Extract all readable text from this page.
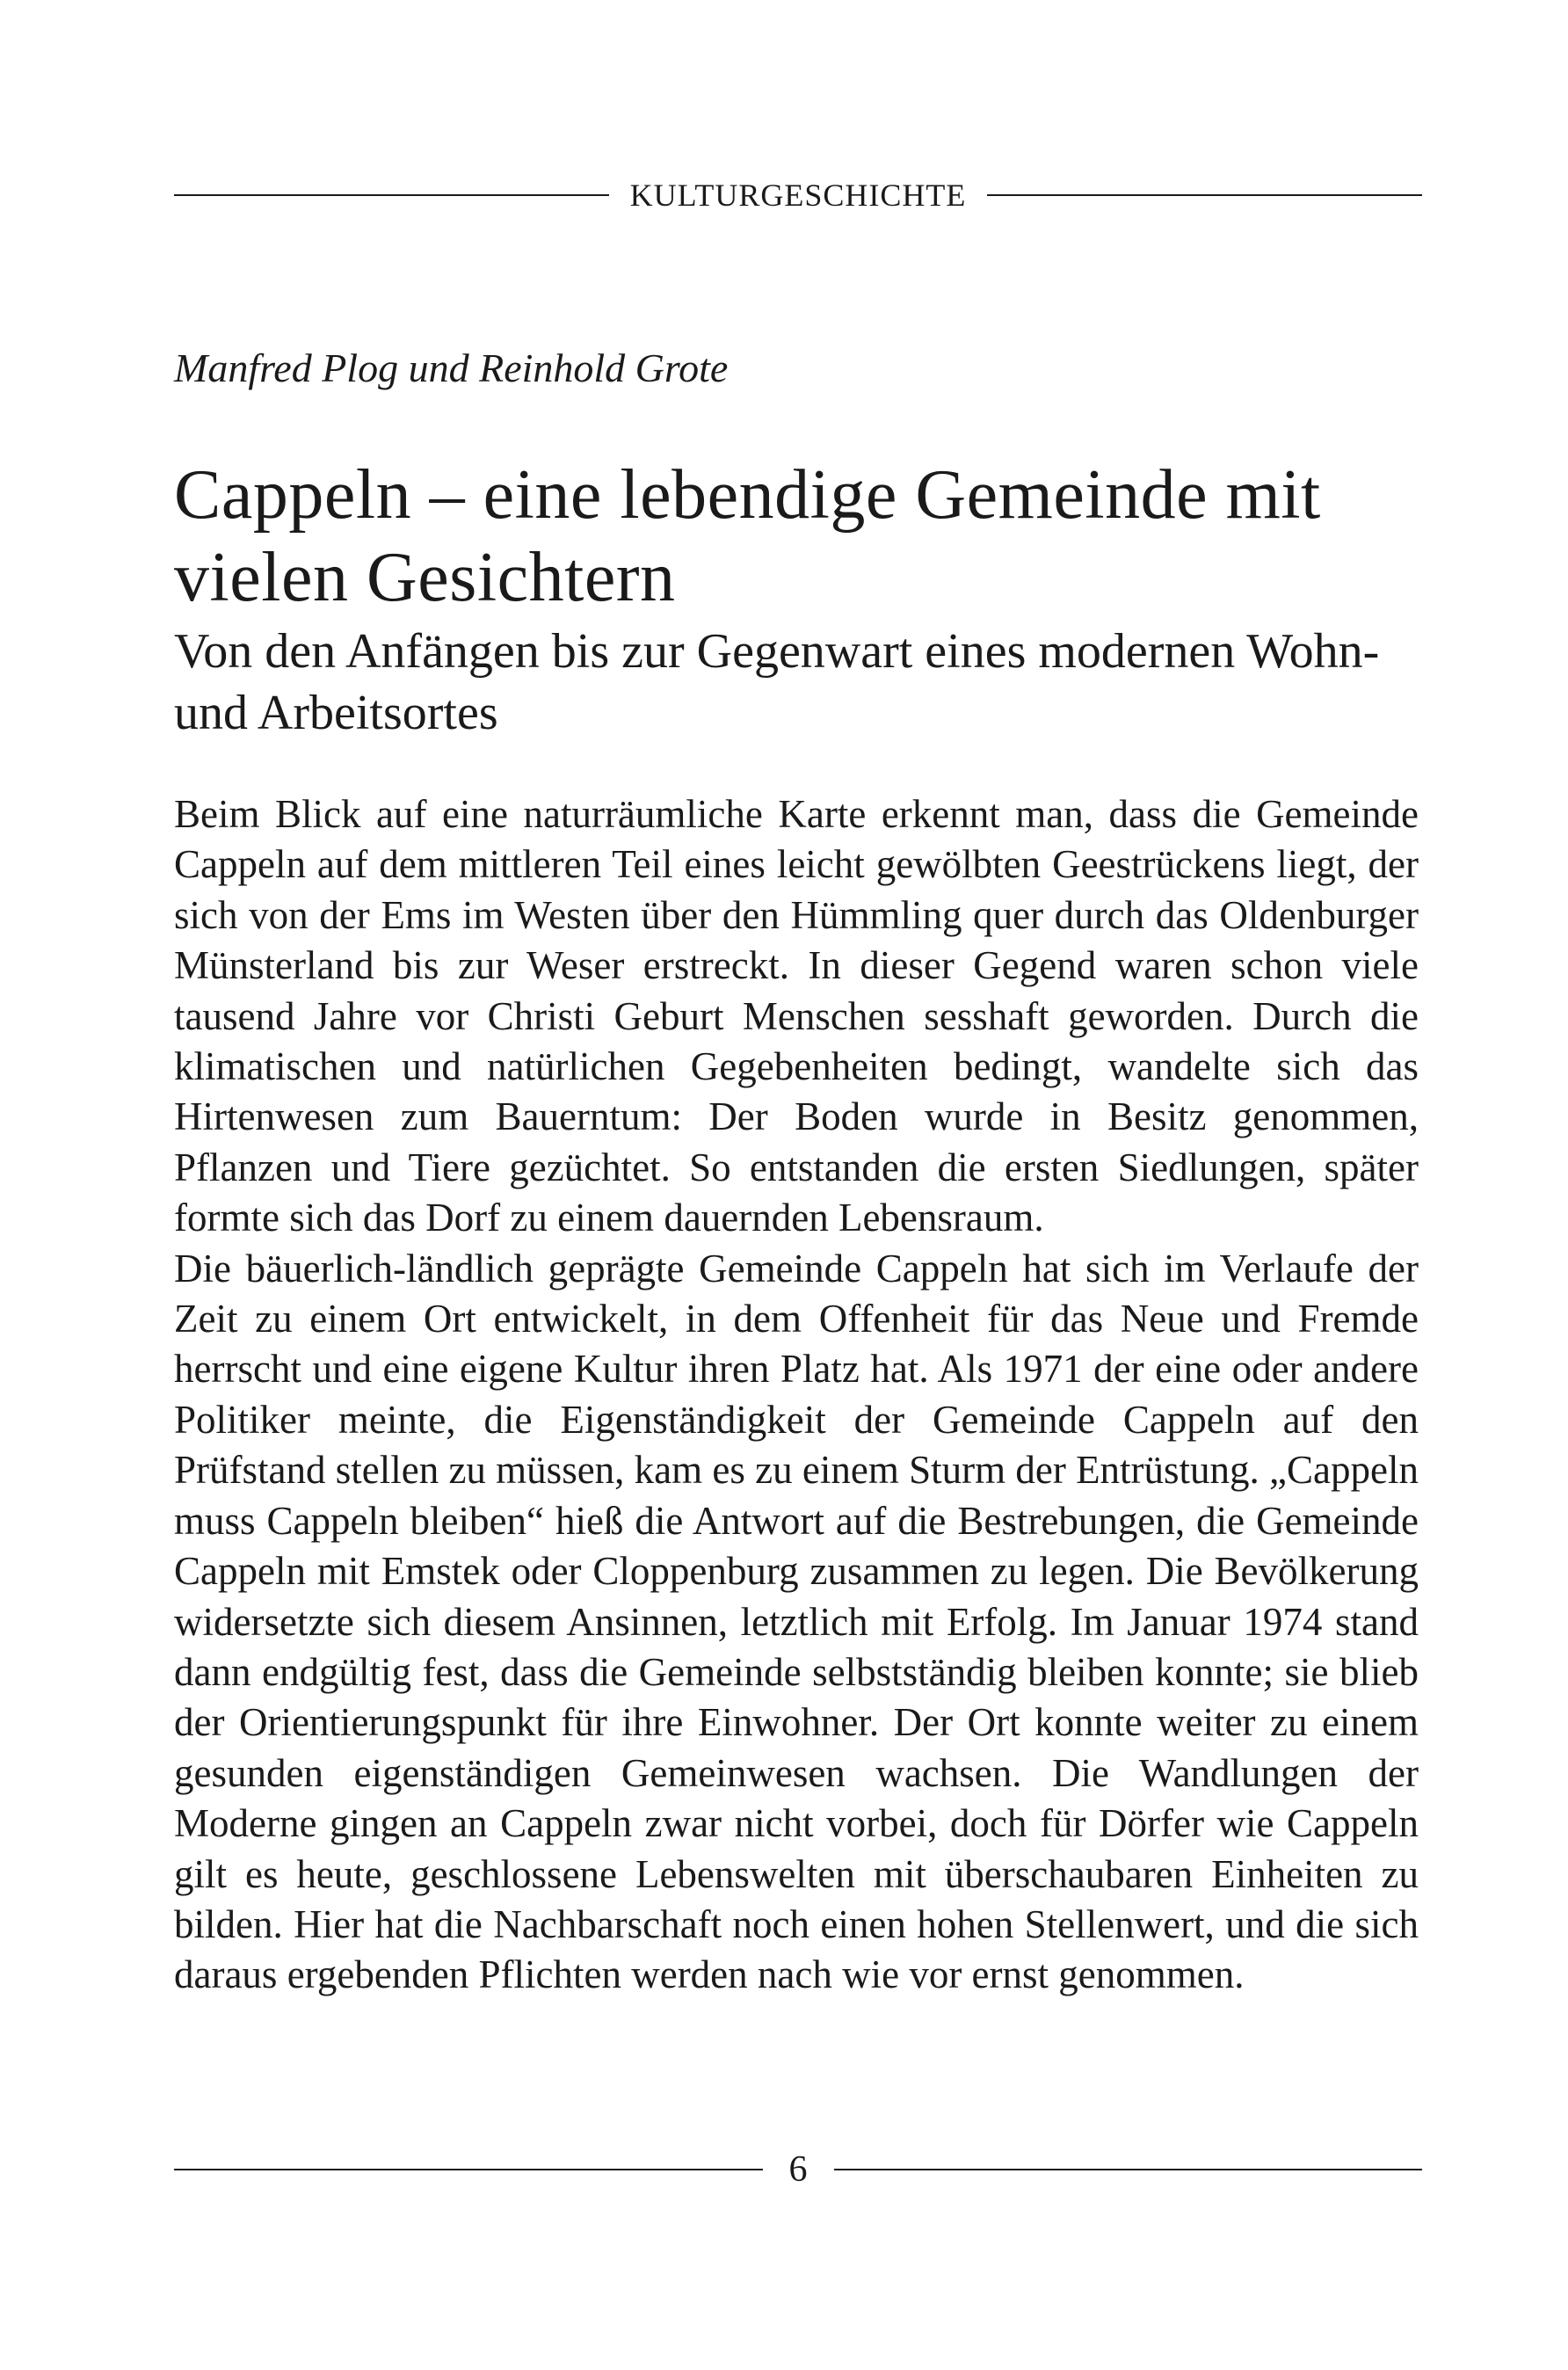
KULTURGESCHICHTE
Manfred Plog und Reinhold Grote
Cappeln – eine lebendige Gemeinde mit vielen Gesichtern
Von den Anfängen bis zur Gegenwart eines modernen Wohn- und Arbeitsortes

Beim Blick auf eine naturräumliche Karte erkennt man, dass die Gemeinde Cappeln auf dem mittleren Teil eines leicht gewölbten Geestrückens liegt, der sich von der Ems im Westen über den Hümmling quer durch das Oldenburger Münsterland bis zur Weser erstreckt. In dieser Gegend waren schon viele tausend Jahre vor Christi Geburt Menschen sesshaft geworden. Durch die klimatischen und natürlichen Gegebenheiten bedingt, wandelte sich das Hirtenwesen zum Bauerntum: Der Boden wurde in Besitz genommen, Pflanzen und Tiere gezüchtet. So entstanden die ersten Siedlungen, später formte sich das Dorf zu einem dauernden Lebensraum.

Die bäuerlich-ländlich geprägte Gemeinde Cappeln hat sich im Verlaufe der Zeit zu einem Ort entwickelt, in dem Offenheit für das Neue und Fremde herrscht und eine eigene Kultur ihren Platz hat. Als 1971 der eine oder andere Politiker meinte, die Eigenständigkeit der Gemeinde Cappeln auf den Prüfstand stellen zu müssen, kam es zu einem Sturm der Entrüstung. „Cappeln muss Cappeln bleiben“ hieß die Antwort auf die Bestrebungen, die Gemeinde Cappeln mit Emstek oder Cloppenburg zusammen zu legen. Die Bevölkerung widersetzte sich diesem Ansinnen, letztlich mit Erfolg. Im Januar 1974 stand dann endgültig fest, dass die Gemeinde selbstständig bleiben konnte; sie blieb der Orientierungspunkt für ihre Einwohner. Der Ort konnte weiter zu einem gesunden eigenständigen Gemeinwesen wachsen. Die Wandlungen der Moderne gingen an Cappeln zwar nicht vorbei, doch für Dörfer wie Cappeln gilt es heute, geschlossene Lebenswelten mit überschaubaren Einheiten zu bilden. Hier hat die Nachbarschaft noch einen hohen Stellenwert, und die sich daraus ergebenden Pflichten werden nach wie vor ernst genommen.

6
